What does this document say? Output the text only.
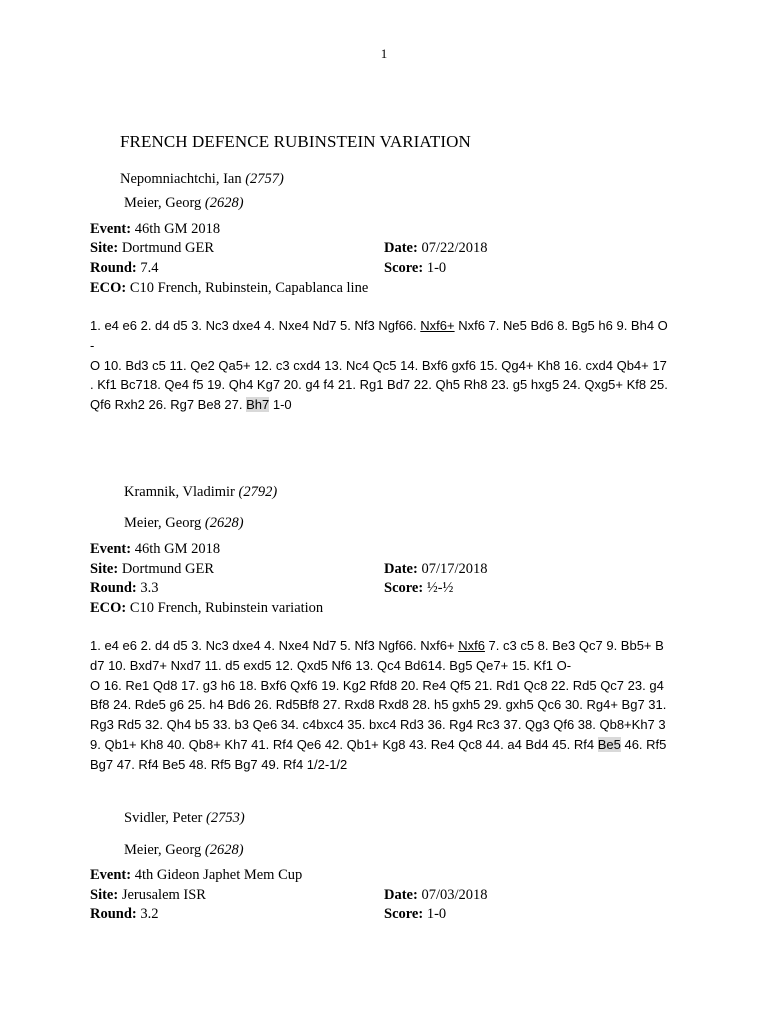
1
FRENCH DEFENCE RUBINSTEIN VARIATION
Nepomniachtchi, Ian (2757)
Meier, Georg (2628)
Event: 46th GM 2018
Site: Dortmund GER	Date: 07/22/2018
Round: 7.4	Score: 1-0
ECO: C10 French, Rubinstein, Capablanca line
1. e4 e6 2. d4 d5 3. Nc3 dxe4 4. Nxe4 Nd7 5. Nf3 Ngf66. Nxf6+ Nxf6 7. Ne5 Bd6 8. Bg5 h6 9. Bh4 O
-
O 10. Bd3 c5 11. Qe2 Qa5+ 12. c3 cxd4 13. Nc4 Qc5 14. Bxf6 gxf6 15. Qg4+ Kh8 16. cxd4 Qb4+ 17
. Kf1 Bc718. Qe4 f5 19. Qh4 Kg7 20. g4 f4 21. Rg1 Bd7 22. Qh5 Rh8 23. g5 hxg5 24. Qxg5+ Kf8 25.
Qf6 Rxh2 26. Rg7 Be8 27. Bh7 1-0
Kramnik, Vladimir (2792)
Meier, Georg (2628)
Event: 46th GM 2018
Site: Dortmund GER	Date: 07/17/2018
Round: 3.3	Score: ½-½
ECO: C10 French, Rubinstein variation
1. e4 e6 2. d4 d5 3. Nc3 dxe4 4. Nxe4 Nd7 5. Nf3 Ngf66. Nxf6+ Nxf6 7. c3 c5 8. Be3 Qc7 9. Bb5+ B
d7 10. Bxd7+ Nxd7 11. d5 exd5 12. Qxd5 Nf6 13. Qc4 Bd614. Bg5 Qe7+ 15. Kf1 O-
O 16. Re1 Qd8 17. g3 h6 18. Bxf6 Qxf6 19. Kg2 Rfd8 20. Re4 Qf5 21. Rd1 Qc8 22. Rd5 Qc7 23. g4
Bf8 24. Rde5 g6 25. h4 Bd6 26. Rd5Bf8 27. Rxd8 Rxd8 28. h5 gxh5 29. gxh5 Qc6 30. Rg4+ Bg7 31.
Rg3 Rd5 32. Qh4 b5 33. b3 Qe6 34. c4bxc4 35. bxc4 Rd3 36. Rg4 Rc3 37. Qg3 Qf6 38. Qb8+Kh7 3
9. Qb1+ Kh8 40. Qb8+ Kh7 41. Rf4 Qe6 42. Qb1+ Kg8 43. Re4 Qc8 44. a4 Bd4 45. Rf4 Be5 46. Rf5
Bg7 47. Rf4 Be5 48. Rf5 Bg7 49. Rf4 1/2-1/2
Svidler, Peter (2753)
Meier, Georg (2628)
Event: 4th Gideon Japhet Mem Cup
Site: Jerusalem ISR	Date: 07/03/2018
Round: 3.2	Score: 1-0
